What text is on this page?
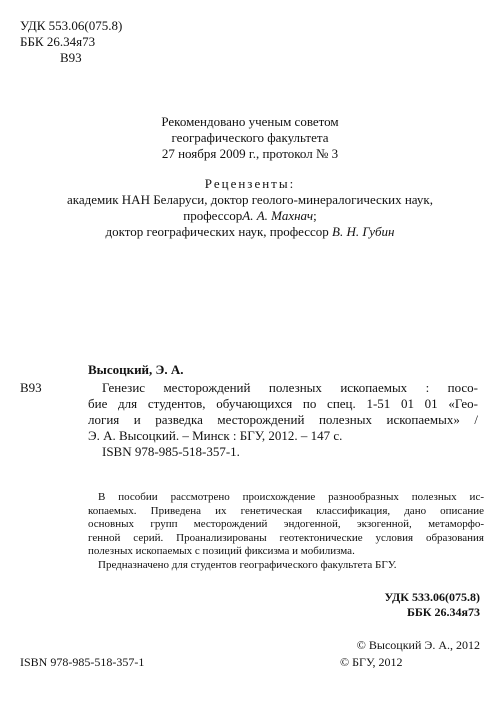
УДК 553.06(075.8)
ББК 26.34я73
В93
Рекомендовано ученым советом
географического факультета
27 ноября 2009 г., протокол № 3
Рецензенты:
академик НАН Беларуси, доктор геолого-минералогических наук,
профессорА. А. Махнач;
доктор географических наук, профессор В. Н. Губин
Высоцкий, Э. А.
В93	Генезис месторождений полезных ископаемых : посо-
бие для студентов, обучающихся по спец. 1-51 01 01 «Гео-
логия и разведка месторождений полезных ископаемых» /
Э. А. Высоцкий. – Минск : БГУ, 2012. – 147 с.
ISBN 978-985-518-357-1.
В пособии рассмотрено происхождение разнообразных полезных ис-
копаемых. Приведена их генетическая классификация, дано описание
основных групп месторождений эндогенной, экзогенной, метаморфо-
генной серий. Проанализированы геотектонические условия образования
полезных ископаемых с позиций фиксизма и мобилизма.
Предназначено для студентов географического факультета БГУ.
УДК 533.06(075.8)
ББК 26.34я73
© Высоцкий Э. А., 2012
ISBN 978-985-518-357-1	© БГУ, 2012
